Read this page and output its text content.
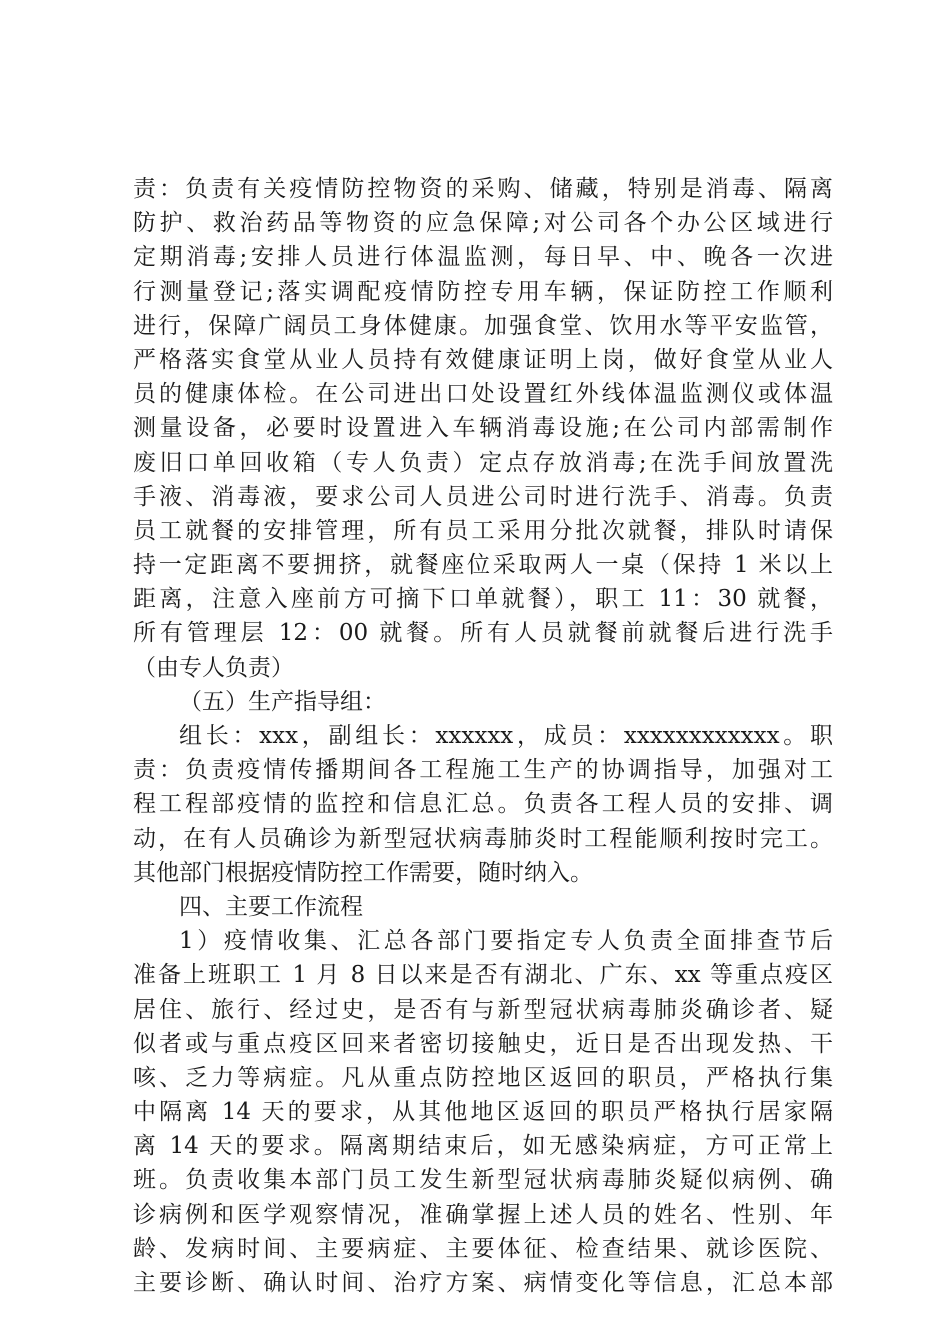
责：负责有关疫情防控物资的采购、储藏，特别是消毒、隔离
防护、救治药品等物资的应急保障;对公司各个办公区域进行
定期消毒;安排人员进行体温监测，每日早、中、晚各一次进
行测量登记;落实调配疫情防控专用车辆，保证防控工作顺利
进行，保障广阔员工身体健康。加强食堂、饮用水等平安监管，
严格落实食堂从业人员持有效健康证明上岗，做好食堂从业人
员的健康体检。在公司进出口处设置红外线体温监测仪或体温
测量设备，必要时设置进入车辆消毒设施;在公司内部需制作
废旧口单回收箱（专人负责）定点存放消毒;在洗手间放置洗
手液、消毒液，要求公司人员进公司时进行洗手、消毒。负责
员工就餐的安排管理，所有员工采用分批次就餐，排队时请保
持一定距离不要拥挤，就餐座位采取两人一桌（保持 1 米以上
距离，注意入座前方可摘下口单就餐），职工 11：30 就餐，
所有管理层 12：00 就餐。所有人员就餐前就餐后进行洗手
（由专人负责）
（五）生产指导组：
组长：xxx，副组长：xxxxxx，成员：xxxxxxxxxxxx。职
责：负责疫情传播期间各工程施工生产的协调指导，加强对工
程工程部疫情的监控和信息汇总。负责各工程人员的安排、调
动，在有人员确诊为新型冠状病毒肺炎时工程能顺利按时完工。
其他部门根据疫情防控工作需要，随时纳入。
四、主要工作流程
1）疫情收集、汇总各部门要指定专人负责全面排查节后
准备上班职工 1 月 8 日以来是否有湖北、广东、xx 等重点疫区
居住、旅行、经过史，是否有与新型冠状病毒肺炎确诊者、疑
似者或与重点疫区回来者密切接触史，近日是否出现发热、干
咳、乏力等病症。凡从重点防控地区返回的职员，严格执行集
中隔离 14 天的要求，从其他地区返回的职员严格执行居家隔
离 14 天的要求。隔离期结束后，如无感染病症，方可正常上
班。负责收集本部门员工发生新型冠状病毒肺炎疑似病例、确
诊病例和医学观察情况，准确掌握上述人员的姓名、性别、年
龄、发病时间、主要病症、主要体征、检查结果、就诊医院、
主要诊断、确认时间、治疗方案、病情变化等信息，汇总本部
